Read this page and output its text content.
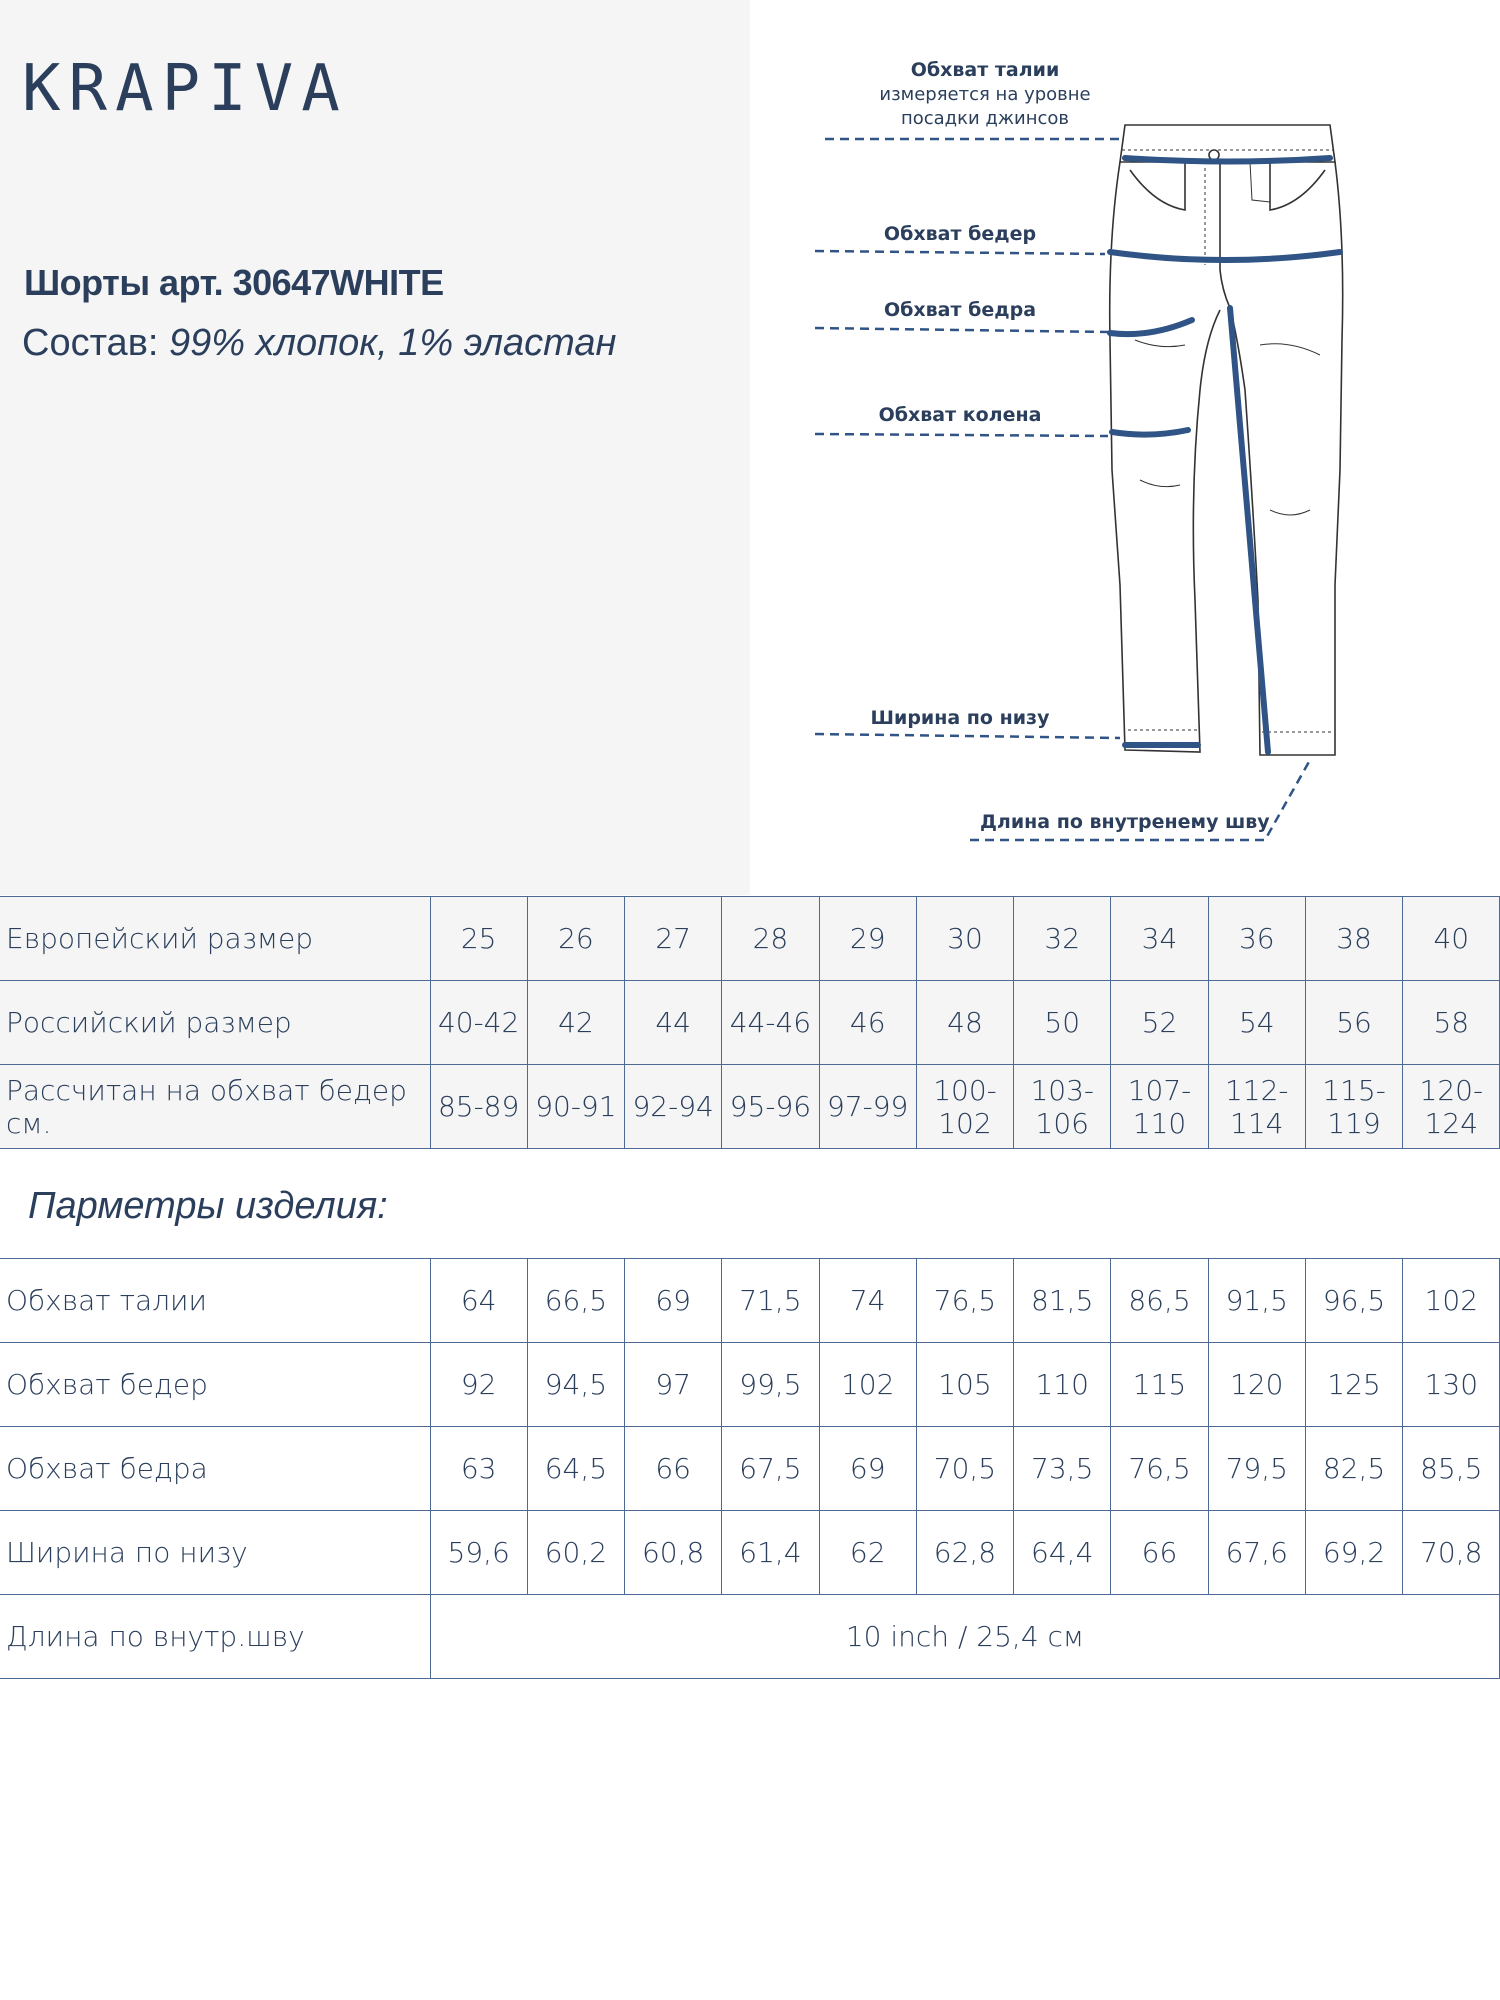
KRAPIVA
Шорты арт. 30647WHITE
Состав: 99% хлопок, 1% эластан
Обхват талии
измеряется на уровне
посадки джинсов
Обхват бедер
Обхват бедра
Обхват колена
Ширина по низу
Длина по внутренему шву
Европейский размер	25	26	27	28	29	30	32	34	36	38	40
Российский размер	40-42	42	44	44-46	46	48	50	52	54	56	58
Рассчитан на обхват бедер см.	85-89	90-91	92-94	95-96	97-99	100-102	103-106	107-110	112-114	115-119	120-124
Парметры изделия:
Обхват талии	64	66,5	69	71,5	74	76,5	81,5	86,5	91,5	96,5	102
Обхват бедер	92	94,5	97	99,5	102	105	110	115	120	125	130
Обхват бедра	63	64,5	66	67,5	69	70,5	73,5	76,5	79,5	82,5	85,5
Ширина по низу	59,6	60,2	60,8	61,4	62	62,8	64,4	66	67,6	69,2	70,8
Длина по внутр.шву	10 inch / 25,4 см										
